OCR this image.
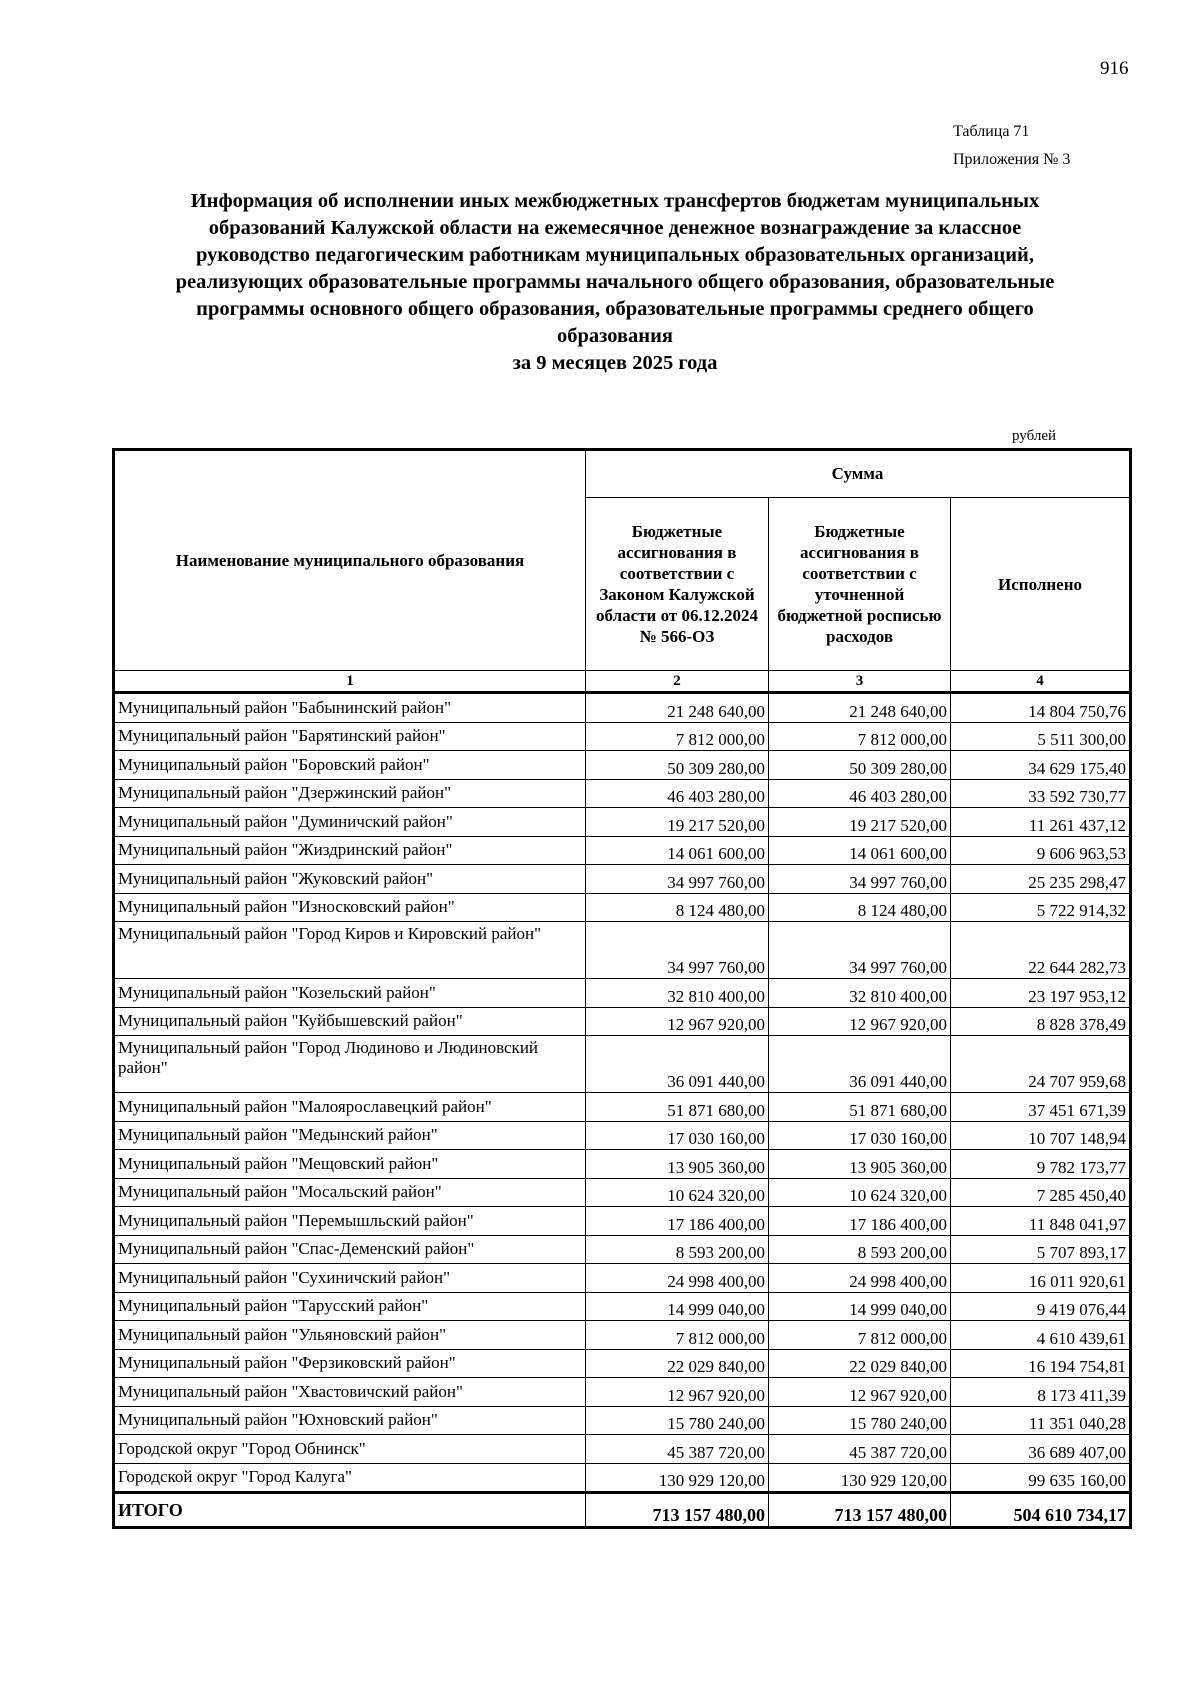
916
Таблица 71
Приложения № 3
Информация об исполнении иных межбюджетных трансфертов бюджетам муниципальных
образований Калужской области на ежемесячное денежное вознаграждение за классное
руководство педагогическим работникам муниципальных образовательных организаций,
реализующих образовательные программы начального общего образования, образовательные
программы основного общего образования, образовательные программы среднего общего
образования
за 9 месяцев 2025 года
рублей
Наименование муниципального образования	Сумма		
	Бюджетные ассигнования в соответствии с Законом Калужской области от 06.12.2024 № 566-ОЗ	Бюджетные ассигнования в соответствии с уточненной бюджетной росписью расходов	Исполнено
1	2	3	4
Муниципальный район "Бабынинский район"	21 248 640,00	21 248 640,00	14 804 750,76
Муниципальный район "Барятинский район"	7 812 000,00	7 812 000,00	5 511 300,00
Муниципальный район "Боровский район"	50 309 280,00	50 309 280,00	34 629 175,40
Муниципальный район "Дзержинский район"	46 403 280,00	46 403 280,00	33 592 730,77
Муниципальный район "Думиничский район"	19 217 520,00	19 217 520,00	11 261 437,12
Муниципальный район "Жиздринский район"	14 061 600,00	14 061 600,00	9 606 963,53
Муниципальный район "Жуковский район"	34 997 760,00	34 997 760,00	25 235 298,47
Муниципальный район "Износковский район"	8 124 480,00	8 124 480,00	5 722 914,32
Муниципальный район "Город Киров и Кировский район"	34 997 760,00	34 997 760,00	22 644 282,73
Муниципальный район "Козельский район"	32 810 400,00	32 810 400,00	23 197 953,12
Муниципальный район "Куйбышевский район"	12 967 920,00	12 967 920,00	8 828 378,49
Муниципальный район "Город Людиново и Людиновский район"	36 091 440,00	36 091 440,00	24 707 959,68
Муниципальный район "Малоярославецкий район"	51 871 680,00	51 871 680,00	37 451 671,39
Муниципальный район "Медынский район"	17 030 160,00	17 030 160,00	10 707 148,94
Муниципальный район "Мещовский район"	13 905 360,00	13 905 360,00	9 782 173,77
Муниципальный район "Мосальский район"	10 624 320,00	10 624 320,00	7 285 450,40
Муниципальный район "Перемышльский район"	17 186 400,00	17 186 400,00	11 848 041,97
Муниципальный район "Спас-Деменский район"	8 593 200,00	8 593 200,00	5 707 893,17
Муниципальный район "Сухиничский район"	24 998 400,00	24 998 400,00	16 011 920,61
Муниципальный район "Тарусский район"	14 999 040,00	14 999 040,00	9 419 076,44
Муниципальный район "Ульяновский район"	7 812 000,00	7 812 000,00	4 610 439,61
Муниципальный район "Ферзиковский район"	22 029 840,00	22 029 840,00	16 194 754,81
Муниципальный район "Хвастовичский район"	12 967 920,00	12 967 920,00	8 173 411,39
Муниципальный район "Юхновский район"	15 780 240,00	15 780 240,00	11 351 040,28
Городской округ "Город Обнинск"	45 387 720,00	45 387 720,00	36 689 407,00
Городской округ "Город Калуга"	130 929 120,00	130 929 120,00	99 635 160,00
ИТОГО	713 157 480,00	713 157 480,00	504 610 734,17
